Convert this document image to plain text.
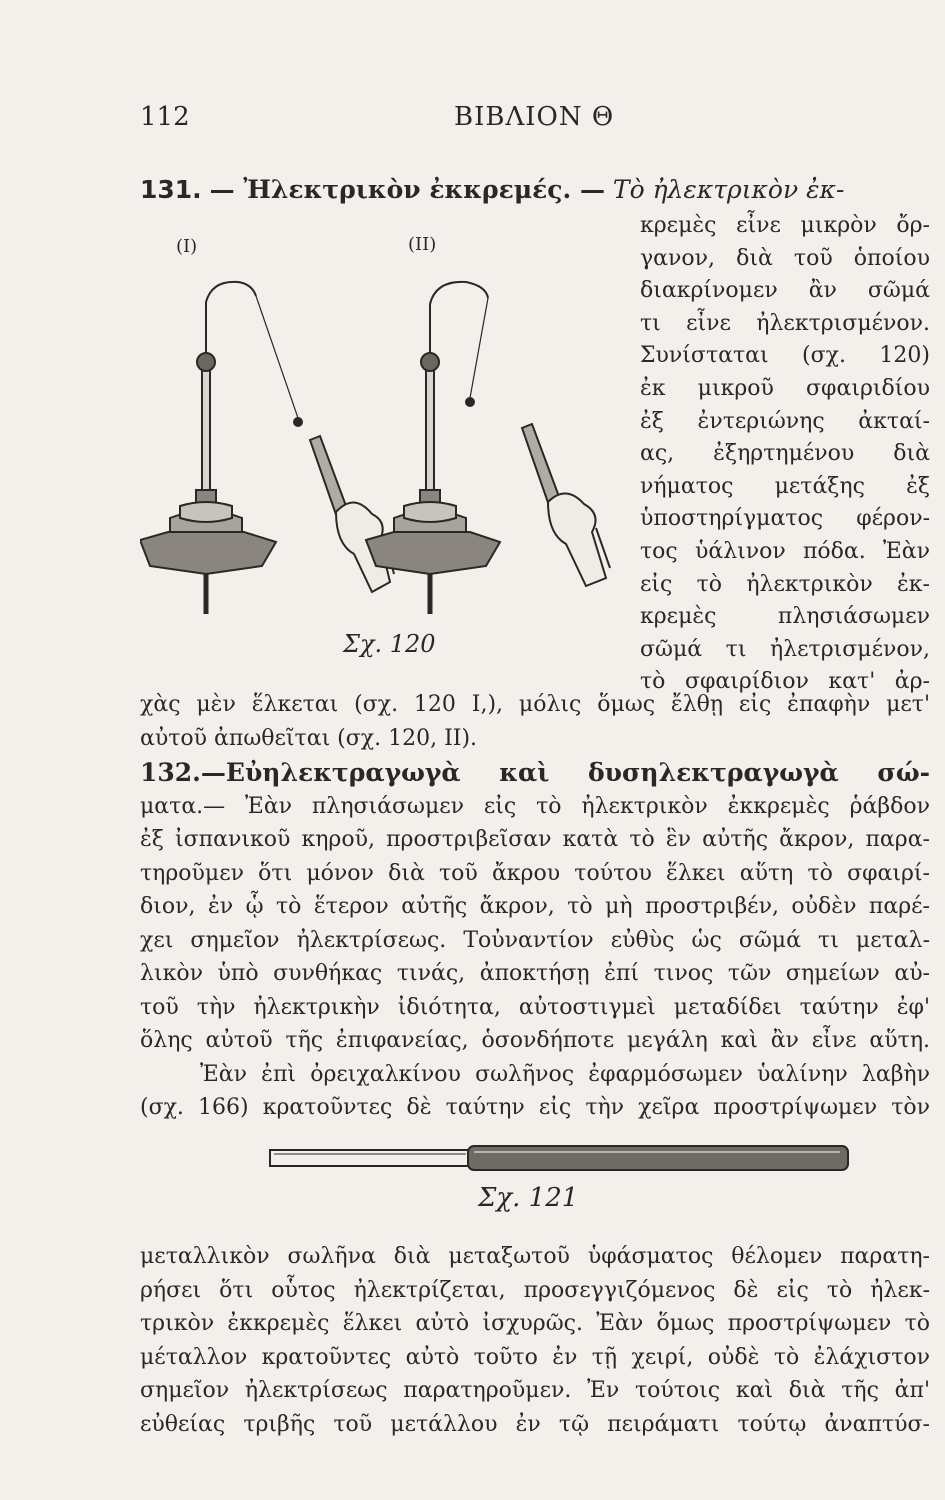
112	ΒΙΒΛΙΟΝ Θ
131. — Ἠλεκτρικὸν ἐκκρεμές. — Τὸ ἠλεκτρικὸν ἐκ-
κρεμὲς εἶνε μικρὸν ὄρ-
γανον, διὰ τοῦ ὁποίου
διακρίνομεν ἂν σῶμά
τι εἶνε ἠλεκτρισμένον.
Συνίσταται (σχ. 120)
ἐκ μικροῦ σφαιριδίου
ἐξ ἐντεριώνης ἀκταί-
ας, ἐξηρτημένου διὰ
νήματος μετάξης ἐξ
ὑποστηρίγματος φέρον-
τος ὑάλινον πόδα. Ἐὰν
εἰς τὸ ἠλεκτρικὸν ἐκ-
κρεμὲς πλησιάσωμεν
σῶμά τι ἠλετρισμένον,
τὸ σφαιρίδιον κατ' ἀρ-
(I)	(II)
Σχ. 120
χὰς μὲν ἕλκεται (σχ. 120 I,), μόλις ὅμως ἔλθῃ εἰς ἐπαφὴν μετ'
αὐτοῦ ἀπωθεῖται (σχ. 120, II).
132.—Εὐηλεκτραγωγὰ καὶ δυσηλεκτραγωγὰ σώ-
ματα.— Ἐὰν πλησιάσωμεν εἰς τὸ ἠλεκτρικὸν ἐκκρεμὲς ῥάβδον
ἐξ ἰσπανικοῦ κηροῦ, προστριβεῖσαν κατὰ τὸ ἓν αὐτῆς ἄκρον, παρα-
τηροῦμεν ὅτι μόνον διὰ τοῦ ἄκρου τούτου ἕλκει αὕτη τὸ σφαιρί-
διον, ἐν ᾧ τὸ ἕτερον αὐτῆς ἄκρον, τὸ μὴ προστριβέν, οὐδὲν παρέ-
χει σημεῖον ἠλεκτρίσεως. Τοὐναντίον εὐθὺς ὡς σῶμά τι μεταλ-
λικὸν ὑπὸ συνθήκας τινάς, ἀποκτήσῃ ἐπί τινος τῶν σημείων αὐ-
τοῦ τὴν ἠλεκτρικὴν ἰδιότητα, αὐτοστιγμεὶ μεταδίδει ταύτην ἐφ'
ὅλης αὐτοῦ τῆς ἐπιφανείας, ὁσονδήποτε μεγάλη καὶ ἂν εἶνε αὕτη.
Ἐὰν ἐπὶ ὀρειχαλκίνου σωλῆνος ἐφαρμόσωμεν ὑαλίνην λαβὴν
(σχ. 166) κρατοῦντες δὲ ταύτην εἰς τὴν χεῖρα προστρίψωμεν τὸν
Σχ. 121
μεταλλικὸν σωλῆνα διὰ μεταξωτοῦ ὑφάσματος θέλομεν παρατη-
ρήσει ὅτι οὗτος ἠλεκτρίζεται, προσεγγιζόμενος δὲ εἰς τὸ ἠλεκ-
τρικὸν ἐκκρεμὲς ἕλκει αὐτὸ ἰσχυρῶς. Ἐὰν ὅμως προστρίψωμεν τὸ
μέταλλον κρατοῦντες αὐτὸ τοῦτο ἐν τῇ χειρί, οὐδὲ τὸ ἐλάχιστον
σημεῖον ἠλεκτρίσεως παρατηροῦμεν. Ἐν τούτοις καὶ διὰ τῆς ἀπ'
εὐθείας τριβῆς τοῦ μετάλλου ἐν τῷ πειράματι τούτῳ ἀναπτύσ-
